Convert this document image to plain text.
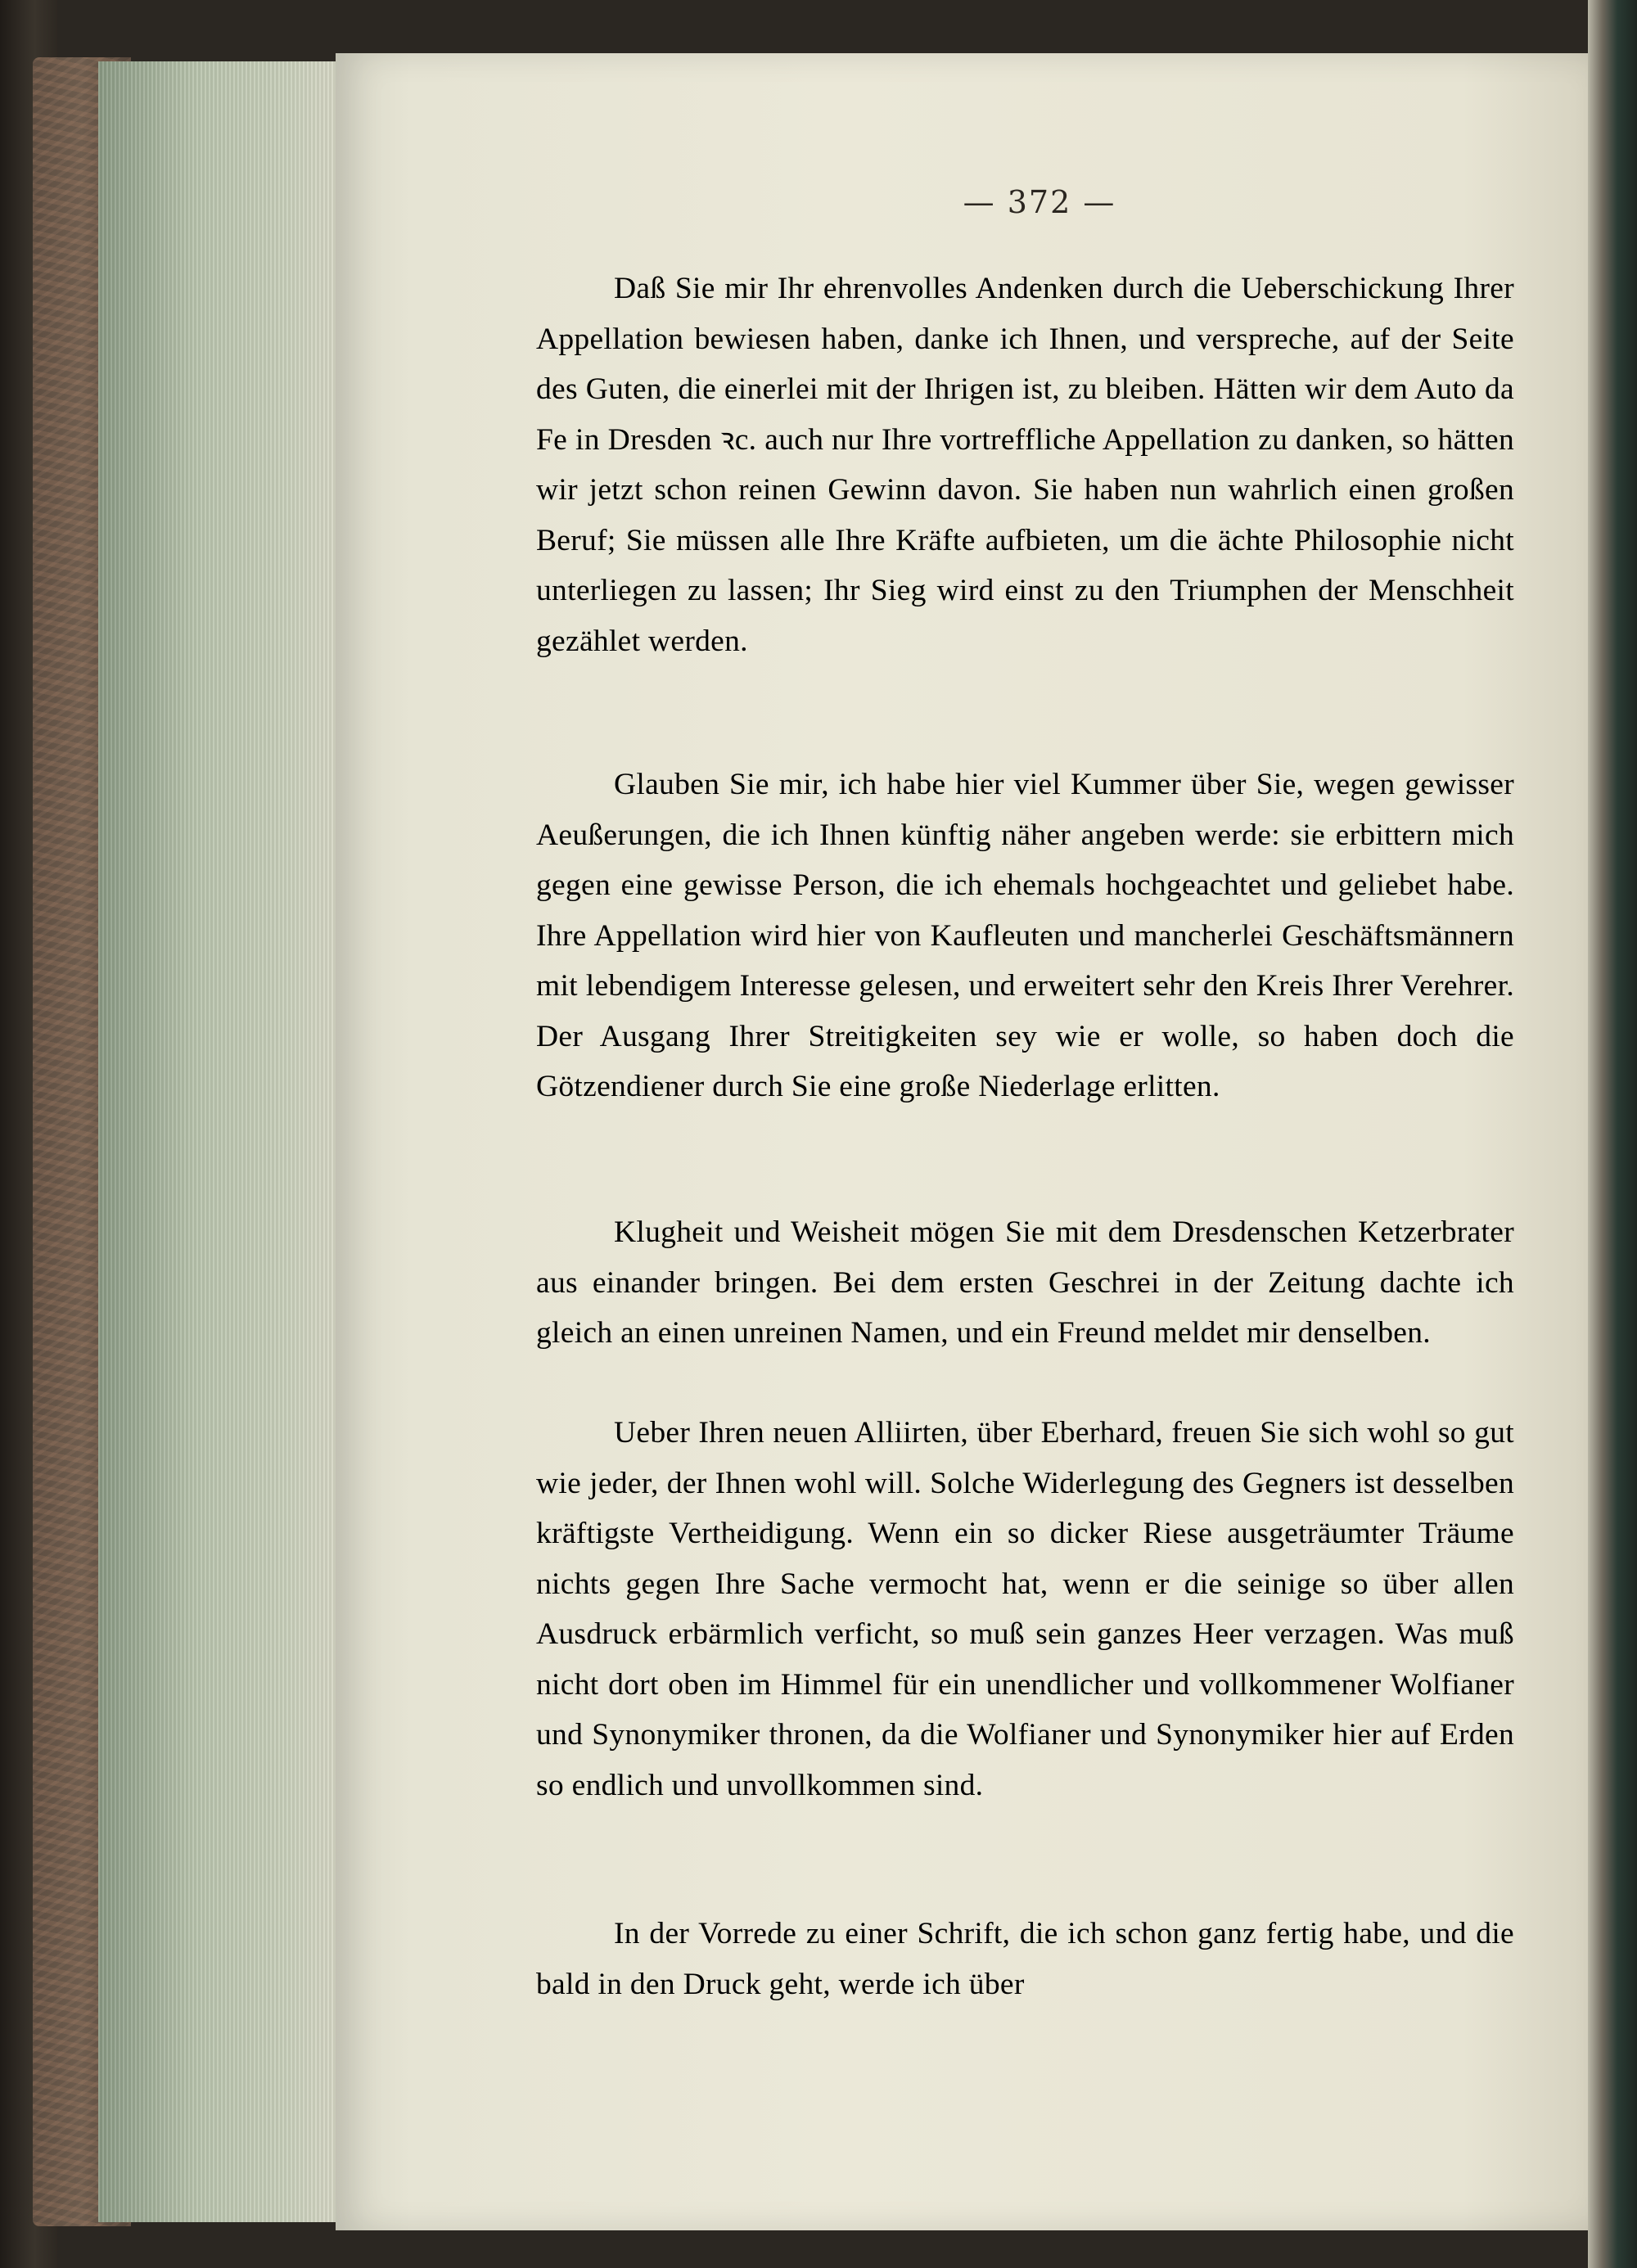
— 372 —

Daß Sie mir Ihr ehrenvolles Andenken durch die Ueberschickung Ihrer Appellation bewiesen haben, danke ich Ihnen, und verspreche, auf der Seite des Guten, die einerlei mit der Ihrigen ist, zu bleiben. Hätten wir dem Auto da Fe in Dresden ꝛc. auch nur Ihre vortreffliche Appellation zu danken, so hätten wir jetzt schon reinen Gewinn davon. Sie haben nun wahrlich einen großen Beruf; Sie müssen alle Ihre Kräfte aufbieten, um die ächte Philosophie nicht unterliegen zu lassen; Ihr Sieg wird einst zu den Triumphen der Menschheit gezählet werden.

Glauben Sie mir, ich habe hier viel Kummer über Sie, wegen gewisser Aeußerungen, die ich Ihnen künftig näher angeben werde: sie erbittern mich gegen eine gewisse Person, die ich ehemals hochgeachtet und geliebet habe. Ihre Appellation wird hier von Kaufleuten und mancherlei Geschäftsmännern mit lebendigem Interesse gelesen, und erweitert sehr den Kreis Ihrer Verehrer. Der Ausgang Ihrer Streitigkeiten sey wie er wolle, so haben doch die Götzendiener durch Sie eine große Niederlage erlitten.

Klugheit und Weisheit mögen Sie mit dem Dresdenschen Ketzerbrater aus einander bringen. Bei dem ersten Geschrei in der Zeitung dachte ich gleich an einen unreinen Namen, und ein Freund meldet mir denselben.

Ueber Ihren neuen Alliirten, über Eberhard, freuen Sie sich wohl so gut wie jeder, der Ihnen wohl will. Solche Widerlegung des Gegners ist desselben kräftigste Vertheidigung. Wenn ein so dicker Riese ausgeträumter Träume nichts gegen Ihre Sache vermocht hat, wenn er die seinige so über allen Ausdruck erbärmlich verficht, so muß sein ganzes Heer verzagen. Was muß nicht dort oben im Himmel für ein unendlicher und vollkommener Wolfianer und Synonymiker thronen, da die Wolfianer und Synonymiker hier auf Erden so endlich und unvollkommen sind.

In der Vorrede zu einer Schrift, die ich schon ganz fertig habe, und die bald in den Druck geht, werde ich über
